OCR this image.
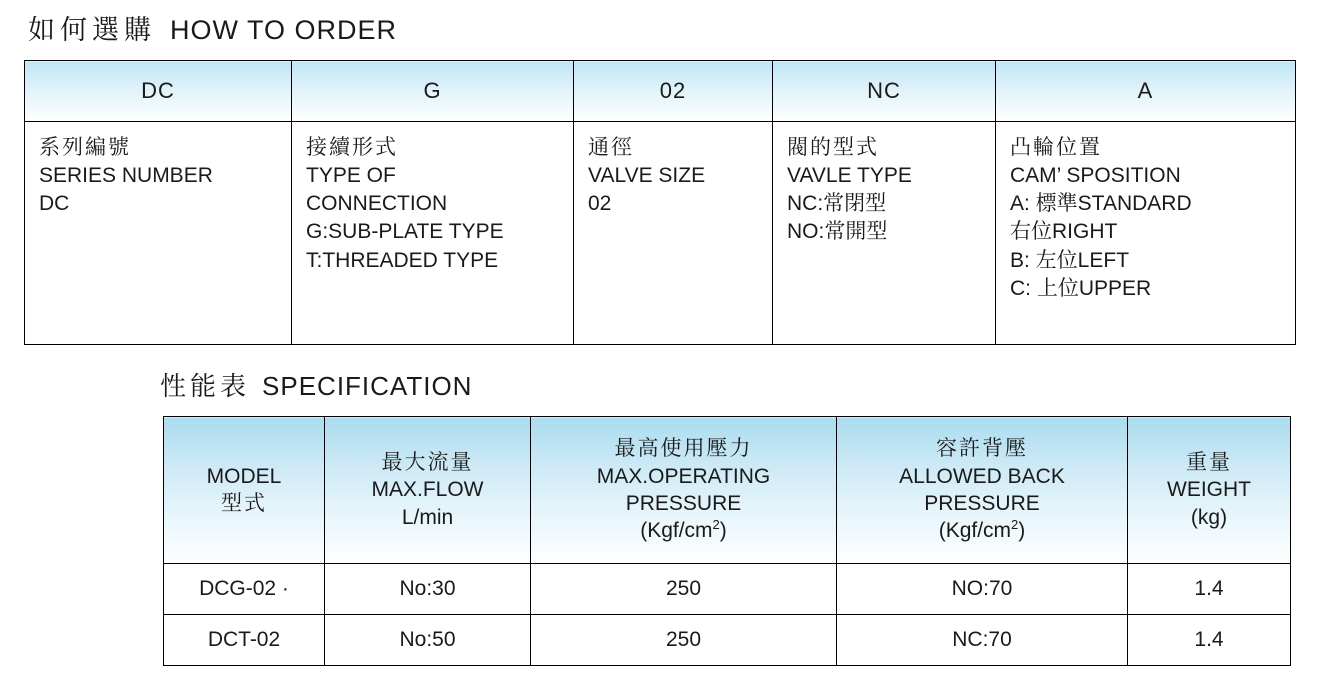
如何選購 HOW TO ORDER
DC	G	02	NC	A

系列編號
SERIES NUMBER
DC

接續形式
TYPE OF
CONNECTION
G:SUB-PLATE TYPE
T:THREADED TYPE

通徑
VALVE SIZE
02

閥的型式
VAVLE TYPE
NC:常閉型
NO:常開型

凸輪位置
CAM’ SPOSITION
A: 標準STANDARD
右位RIGHT
B: 左位LEFT
C: 上位UPPER
性能表 SPECIFICATION
MODEL
型式

最大流量
MAX.FLOW
L/min

最高使用壓力
MAX.OPERATING
PRESSURE
$(Kgf/cm^2)$

容許背壓
ALLOWED BACK
PRESSURE
$(Kgf/cm^2)$

重量
WEIGHT
(kg)

DCG-02 ·	No:30	250	NO:70	1.4
DCT-02	No:50	250	NC:70	1.4
